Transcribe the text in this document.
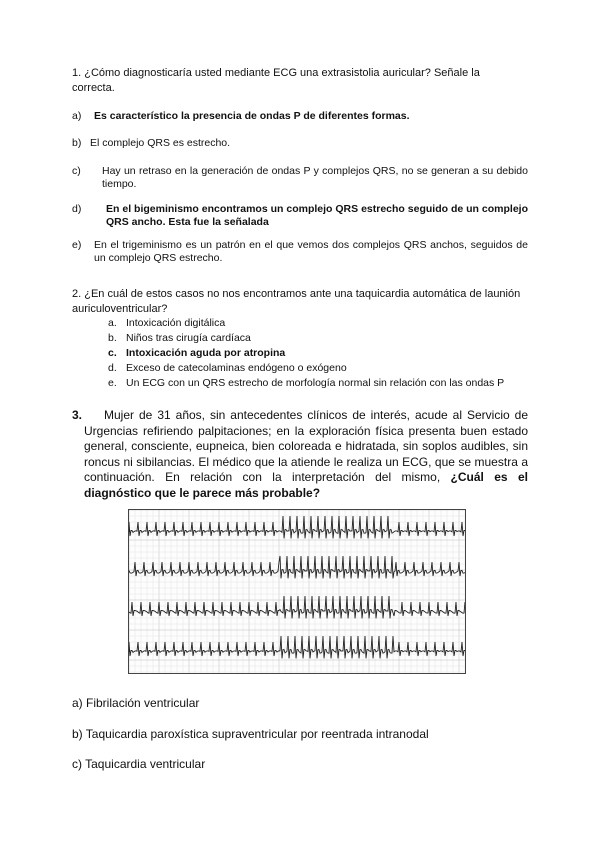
1. ¿Cómo diagnosticaría usted mediante ECG una extrasistolia auricular? Señale la
correcta.
a)	Es característico la presencia de ondas P de diferentes formas.
b) El complejo QRS es estrecho.
c)	Hay un retraso en la generación de ondas P y complejos QRS, no se generan a su debido tiempo.
d)	En el bigeminismo encontramos un complejo QRS estrecho seguido de un complejo QRS ancho. Esta fue la señalada
e)	En el trigeminismo es un patrón en el que vemos dos complejos QRS anchos, seguidos de un complejo QRS estrecho.
2. ¿En cuál de estos casos no nos encontramos ante una taquicardia automática de launión
auriculoventricular?
a. Intoxicación digitálica
b. Niños tras cirugía cardíaca
c. Intoxicación aguda por atropina
d. Exceso de catecolaminas endógeno o exógeno
e. Un ECG con un QRS estrecho de morfología normal sin relación con las ondas P
3.	Mujer de 31 años, sin antecedentes clínicos de interés, acude al Servicio de Urgencias refiriendo palpitaciones; en la exploración física presenta buen estado general, consciente, eupneica, bien coloreada e hidratada, sin soplos audibles, sin roncus ni sibilancias. El médico que la atiende le realiza un ECG, que se muestra a continuación. En relación con la interpretación del mismo, ¿Cuál es el diagnóstico que le parece más probable?

a) Fibrilación ventricular
b) Taquicardia paroxística supraventricular por reentrada intranodal
c) Taquicardia ventricular
